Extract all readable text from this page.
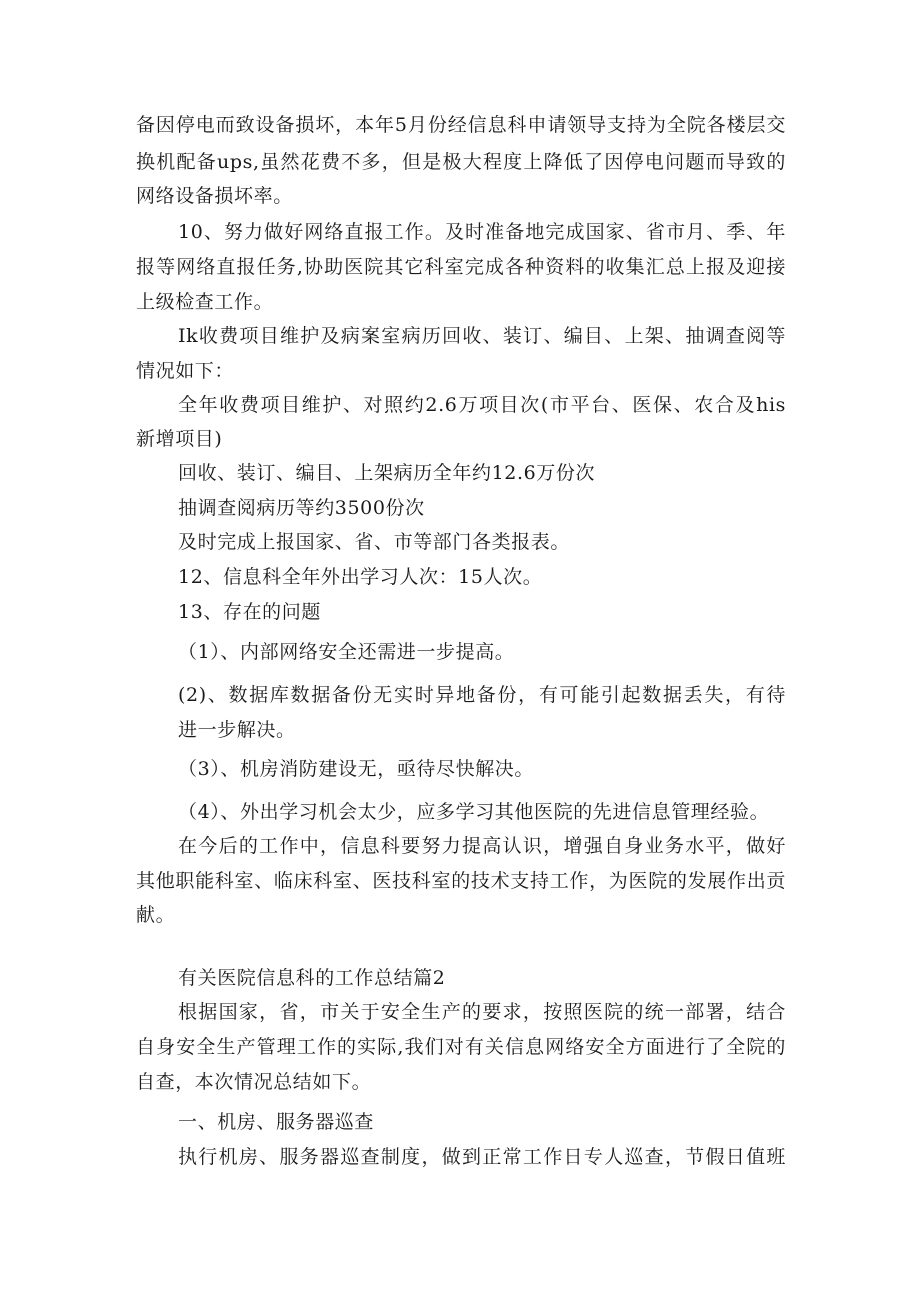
备因停电而致设备损坏，本年5月份经信息科申请领导支持为全院各楼层交
换机配备ups,虽然花费不多，但是极大程度上降低了因停电问题而导致的
网络设备损坏率。
10、努力做好网络直报工作。及时准备地完成国家、省市月、季、年
报等网络直报任务,协助医院其它科室完成各种资料的收集汇总上报及迎接
上级检查工作。
Ik收费项目维护及病案室病历回收、装订、编目、上架、抽调查阅等
情况如下：
全年收费项目维护、对照约2.6万项目次(市平台、医保、农合及his
新增项目)
回收、装订、编目、上架病历全年约12.6万份次
抽调查阅病历等约3500份次
及时完成上报国家、省、市等部门各类报表。
12、信息科全年外出学习人次：15人次。
13、存在的问题
（1）、内部网络安全还需进一步提高。
(2)、数据库数据备份无实时异地备份，有可能引起数据丢失，有待
进一步解决。
（3）、机房消防建设无，亟待尽快解决。
（4）、外出学习机会太少，应多学习其他医院的先进信息管理经验。
在今后的工作中，信息科要努力提高认识，增强自身业务水平，做好
其他职能科室、临床科室、医技科室的技术支持工作，为医院的发展作出贡
献。
有关医院信息科的工作总结篇2
根据国家，省，市关于安全生产的要求，按照医院的统一部署，结合
自身安全生产管理工作的实际,我们对有关信息网络安全方面进行了全院的
自查，本次情况总结如下。
一、机房、服务器巡查
执行机房、服务器巡查制度，做到正常工作日专人巡查，节假日值班
